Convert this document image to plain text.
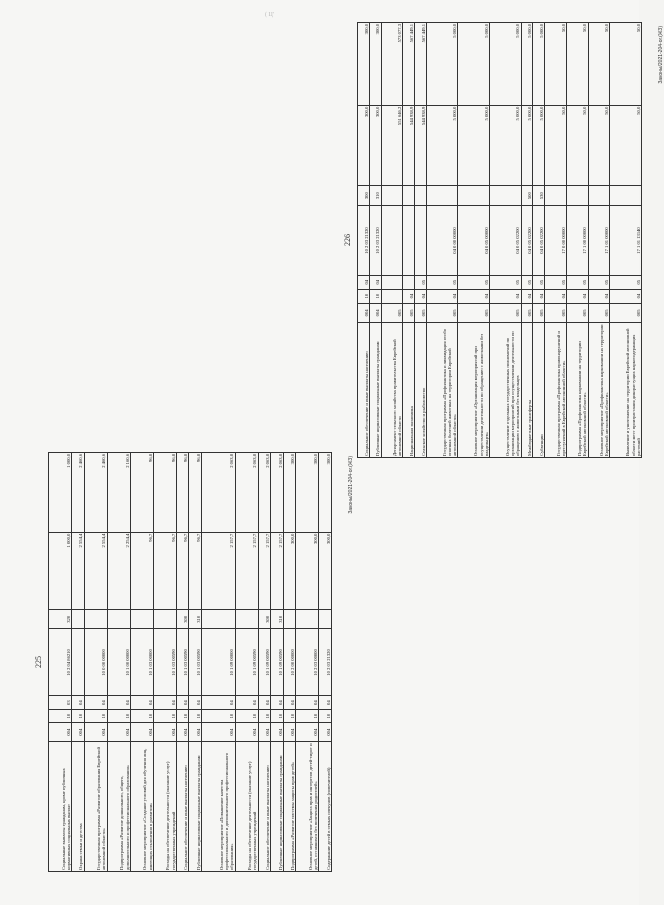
( Ц'
225
Социальные выплаты гражданам, кроме публичных нормативных социальных выплат	004	10	03	10 2 04 86210	320	1 000,0	1 000,0
Охрана семьи и детства	004	10	04			2 554,4	2 460,6
Государственная программа «Развитие образования Еврейской автономной области»	004	10	04	10 0 00 00000		2 554,4	2 460,6
Подпрограмма «Развитие дошкольного, общего, дополнительного и профессионального образования»	004	10	04	10 1 00 00000		2 254,4	2 160,6
Основное мероприятие «Создание условий для обучения лиц, имеющих отклонения в развитии»	004	10	04	10 1 03 00000		96,7	96,8
Расходы на обеспечение деятельности (оказание услуг) государственных учреждений	004	10	04	10 1 03 00590		96,7	96,8
Социальное обеспечение и иные выплаты населению	004	10	04	10 1 03 00590	300	96,7	96,8
Публичные нормативные социальные выплаты гражданам	004	10	04	10 1 03 00590	310	96,7	96,8
Основное мероприятие «Повышение качества профессионального и дополнительного профессионального образования»	004	10	04	10 1 09 00000		2 157,7	2 063,8
Расходы на обеспечение деятельности (оказание услуг) государственных учреждений	004	10	04	10 1 09 00590		2 157,7	2 063,8
Социальное обеспечение и иные выплаты населению	004	10	04	10 1 09 00590	300	2 157,7	2 063,8
Публичные нормативные социальные выплаты гражданам	004	10	04	10 1 09 00590	310	2 157,7	2 063,8
Подпрограмма «Развитие системы защиты прав детей»	004	10	04	10 2 00 00000		300,0	300,0
Основное мероприятие «Защита прав и интересов детей-сирот и детей, оставшихся без попечения родителей»	004	10	04	10 2 03 00000		300,0	300,0
Содержание детей в семьях опекунов (попечителей)	004	10	04	10 2 03 21320		300,0	300,0	Законы/2021-204-ог.(ЖЗ)
226
Социальное обеспечение и иные выплаты населению	004	10	04	10 2 03 21320	300	300,0	300,0
Публичные нормативные социальные выплаты гражданам	004	10	04	10 2 03 21320	310	300,0	300,0
Департамент сельского хозяйства правительства Еврейской автономной области	005					551 646,2	573 077,3
Национальная экономика	005	04				544 938,9	567 449,1
Сельское хозяйство и рыболовство	005	04	05			544 938,9	567 449,1
Государственная программа «Профилактика и ликвидация особо опасных болезней животных на территории Еврейской автономной области»	005	04	05	04 0 00 00000		5 000,0	5 000,0
Основное мероприятие «Организация мероприятий при осуществлении деятельности по обращению с животными без владельцев»	005	04	05	04 0 05 00000		5 000,0	5 000,0
Осуществление отдельных государственных полномочий по организации мероприятий при осуществлении деятельности по обращению с животными без владельцев	005	04	05	04 0 05 02200		5 000,0	5 000,0
Межбюджетные трансферты	005	04	05	04 0 05 02200	500	5 000,0	5 000,0
Субвенции	005	04	05	04 0 05 02200	530	5 000,0	5 000,0
Государственная программа «Профилактика правонарушений и преступлений в Еврейской автономной области»	005	04	05	17 0 00 00000		50,0	50,0
Подпрограмма «Профилактика наркомании на территории Еврейской автономной области»	005	04	05	17 1 00 00000		50,0	50,0
Основное мероприятие «Профилактика наркомании на территории Еврейской автономной области»	005	04	05	17 1 01 00000		50,0	50,0
Выявление и уничтожение на территории Еврейской автономной области мест произрастания дикорастущих наркосодержащих растений	005	04	05	17 1 01 13140		50,0	50,0	Законы/2021-204-ог.(ЖЗ)
